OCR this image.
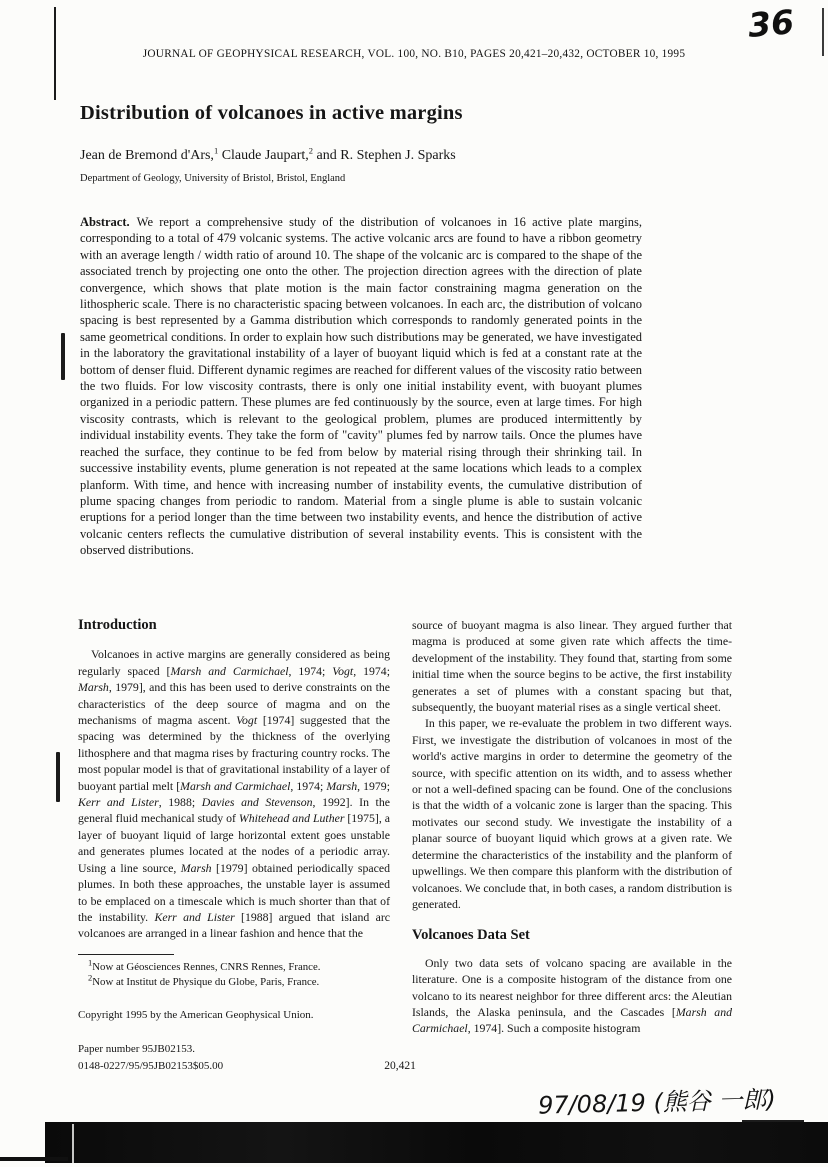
JOURNAL OF GEOPHYSICAL RESEARCH, VOL. 100, NO. B10, PAGES 20,421–20,432, OCTOBER 10, 1995
36
Distribution of volcanoes in active margins
Jean de Bremond d'Ars,$^1$ Claude Jaupart,$^2$ and R. Stephen J. Sparks
Department of Geology, University of Bristol, Bristol, England
Abstract. We report a comprehensive study of the distribution of volcanoes in 16 active plate margins, corresponding to a total of 479 volcanic systems. The active volcanic arcs are found to have a ribbon geometry with an average length / width ratio of around 10. The shape of the volcanic arc is compared to the shape of the associated trench by projecting one onto the other. The projection direction agrees with the direction of plate convergence, which shows that plate motion is the main factor constraining magma generation on the lithospheric scale. There is no characteristic spacing between volcanoes. In each arc, the distribution of volcano spacing is best represented by a Gamma distribution which corresponds to randomly generated points in the same geometrical conditions. In order to explain how such distributions may be generated, we have investigated in the laboratory the gravitational instability of a layer of buoyant liquid which is fed at a constant rate at the bottom of denser fluid. Different dynamic regimes are reached for different values of the viscosity ratio between the two fluids. For low viscosity contrasts, there is only one initial instability event, with buoyant plumes organized in a periodic pattern. These plumes are fed continuously by the source, even at large times. For high viscosity contrasts, which is relevant to the geological problem, plumes are produced intermittently by individual instability events. They take the form of "cavity" plumes fed by narrow tails. Once the plumes have reached the surface, they continue to be fed from below by material rising through their shrinking tail. In successive instability events, plume generation is not repeated at the same locations which leads to a complex planform. With time, and hence with increasing number of instability events, the cumulative distribution of plume spacing changes from periodic to random. Material from a single plume is able to sustain volcanic eruptions for a period longer than the time between two instability events, and hence the distribution of active volcanic centers reflects the cumulative distribution of several instability events. This is consistent with the observed distributions.
Introduction

Volcanoes in active margins are generally considered as being regularly spaced [Marsh and Carmichael, 1974; Vogt, 1974; Marsh, 1979], and this has been used to derive constraints on the characteristics of the deep source of magma and on the mechanisms of magma ascent. Vogt [1974] suggested that the spacing was determined by the thickness of the overlying lithosphere and that magma rises by fracturing country rocks. The most popular model is that of gravitational instability of a layer of buoyant partial melt [Marsh and Carmichael, 1974; Marsh, 1979; Kerr and Lister, 1988; Davies and Stevenson, 1992]. In the general fluid mechanical study of Whitehead and Luther [1975], a layer of buoyant liquid of large horizontal extent goes unstable and generates plumes located at the nodes of a periodic array. Using a line source, Marsh [1979] obtained periodically spaced plumes. In both these approaches, the unstable layer is assumed to be emplaced on a timescale which is much shorter than that of the instability. Kerr and Lister [1988] argued that island arc volcanoes are arranged in a linear fashion and hence that the

$^1$Now at Géosciences Rennes, CNRS Rennes, France.

$^2$Now at Institut de Physique du Globe, Paris, France.

Copyright 1995 by the American Geophysical Union.

Paper number 95JB02153.

0148-0227/95/95JB02153$05.00

source of buoyant magma is also linear. They argued further that magma is produced at some given rate which affects the time-development of the instability. They found that, starting from some initial time when the source begins to be active, the first instability generates a set of plumes with a constant spacing but that, subsequently, the buoyant material rises as a single vertical sheet.

In this paper, we re-evaluate the problem in two different ways. First, we investigate the distribution of volcanoes in most of the world's active margins in order to determine the geometry of the source, with specific attention on its width, and to assess whether or not a well-defined spacing can be found. One of the conclusions is that the width of a volcanic zone is larger than the spacing. This motivates our second study. We investigate the instability of a planar source of buoyant liquid which grows at a given rate. We determine the characteristics of the instability and the planform of upwellings. We then compare this planform with the distribution of volcanoes. We conclude that, in both cases, a random distribution is generated.

Volcanoes Data Set

Only two data sets of volcano spacing are available in the literature. One is a composite histogram of the distance from one volcano to its nearest neighbor for three different arcs: the Aleutian Islands, the Alaska peninsula, and the Cascades [Marsh and Carmichael, 1974]. Such a composite histogram

20,421
97/08/19 (熊谷 一郎)
